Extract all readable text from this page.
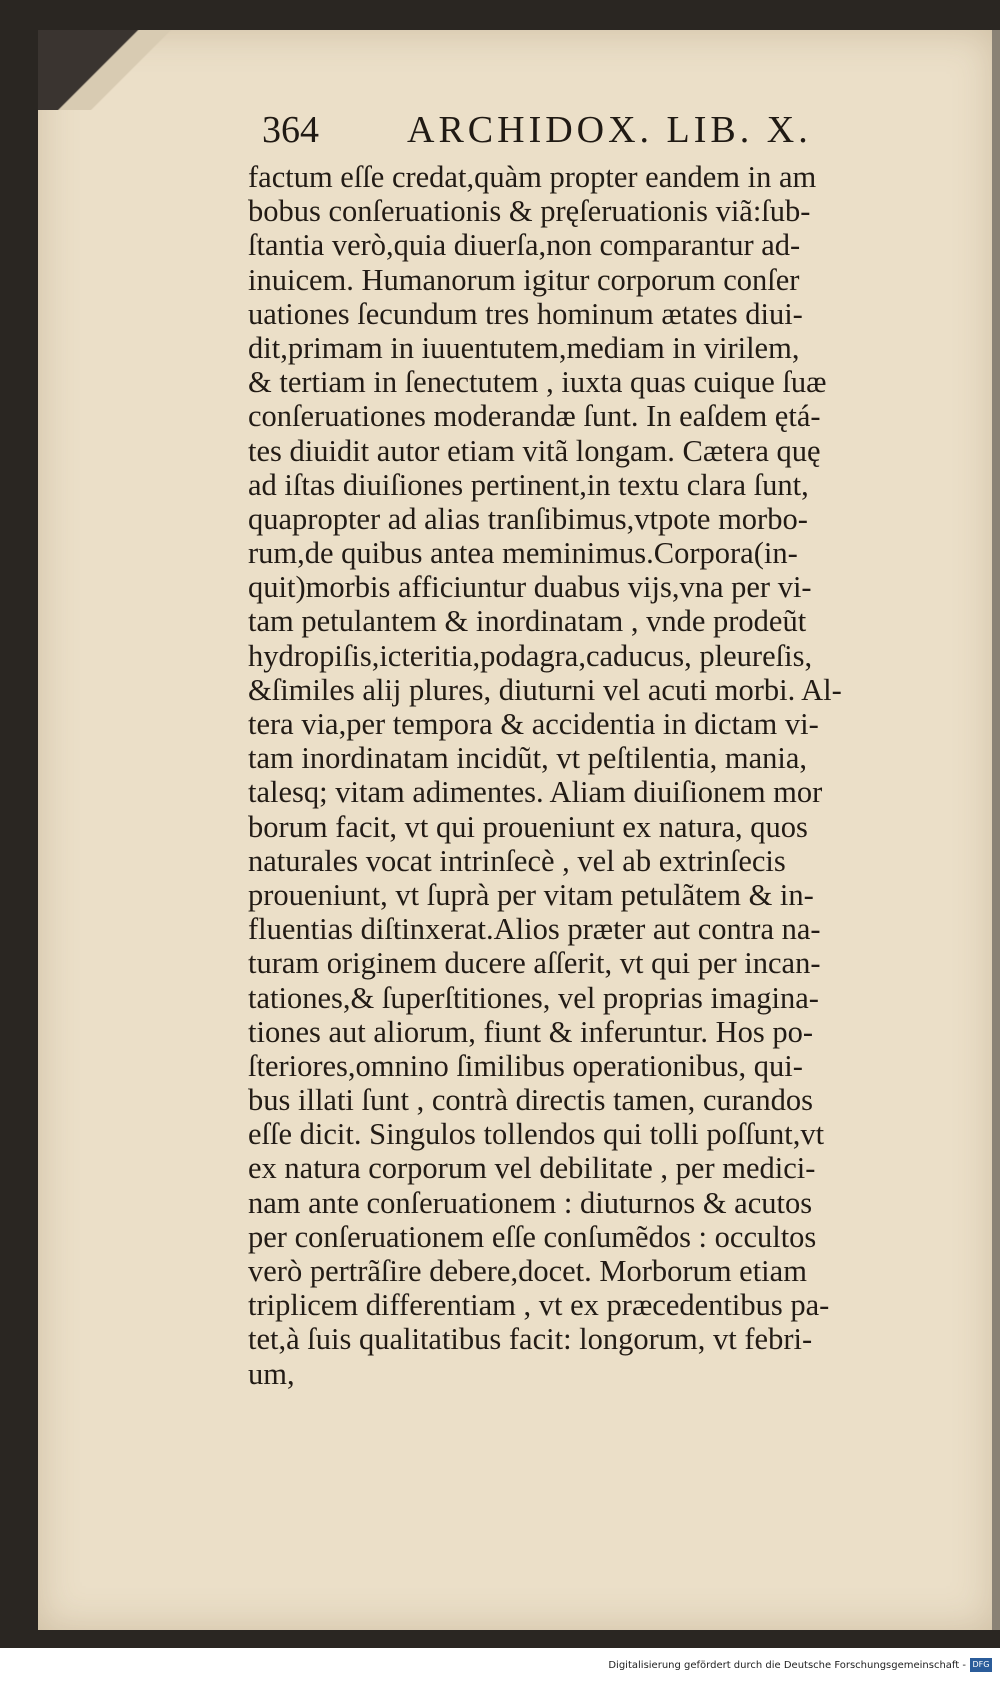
364 ARCHIDOX. LIB. X.
factum eſſe credat,quàm propter eandem in am
bobus conſeruationis & pręſeruationis viã:ſub-
ſtantia verò,quia diuerſa,non comparantur ad-
inuicem. Humanorum igitur corporum conſer
uationes ſecundum tres hominum ætates diui-
dit,primam in iuuentutem,mediam in virilem,
& tertiam in ſenectutem , iuxta quas cuique ſuæ
conſeruationes moderandæ ſunt. In eaſdem ętá-
tes diuidit autor etiam vitã longam. Cætera quę
ad iſtas diuiſiones pertinent,in textu clara ſunt,
quapropter ad alias tranſibimus,vtpote morbo-
rum,de quibus antea meminimus.Corpora(in-
quit)morbis afficiuntur duabus vijs,vna per vi-
tam petulantem & inordinatam , vnde prodeũt
hydropiſis,icteritia,podagra,caducus, pleureſis,
&ſimiles alij plures, diuturni vel acuti morbi. Al-
tera via,per tempora & accidentia in dictam vi-
tam inordinatam incidũt, vt peſtilentia, mania,
talesq; vitam adimentes. Aliam diuiſionem mor
borum facit, vt qui proueniunt ex natura, quos
naturales vocat intrinſecè , vel ab extrinſecis
proueniunt, vt ſuprà per vitam petulãtem & in-
fluentias diſtinxerat.Alios præter aut contra na-
turam originem ducere aſſerit, vt qui per incan-
tationes,& ſuperſtitiones, vel proprias imagina-
tiones aut aliorum, fiunt & inferuntur. Hos po-
ſteriores,omnino ſimilibus operationibus, qui-
bus illati ſunt , contrà directis tamen, curandos
eſſe dicit. Singulos tollendos qui tolli poſſunt,vt
ex natura corporum vel debilitate , per medici-
nam ante conſeruationem : diuturnos & acutos
per conſeruationem eſſe conſumẽdos : occultos
verò pertrãſire debere,docet. Morborum etiam
triplicem differentiam , vt ex præcedentibus pa-
tet,à ſuis qualitatibus facit: longorum, vt febri-
um,
Digitalisierung gefördert durch die Deutsche Forschungsgemeinschaft - DFG
